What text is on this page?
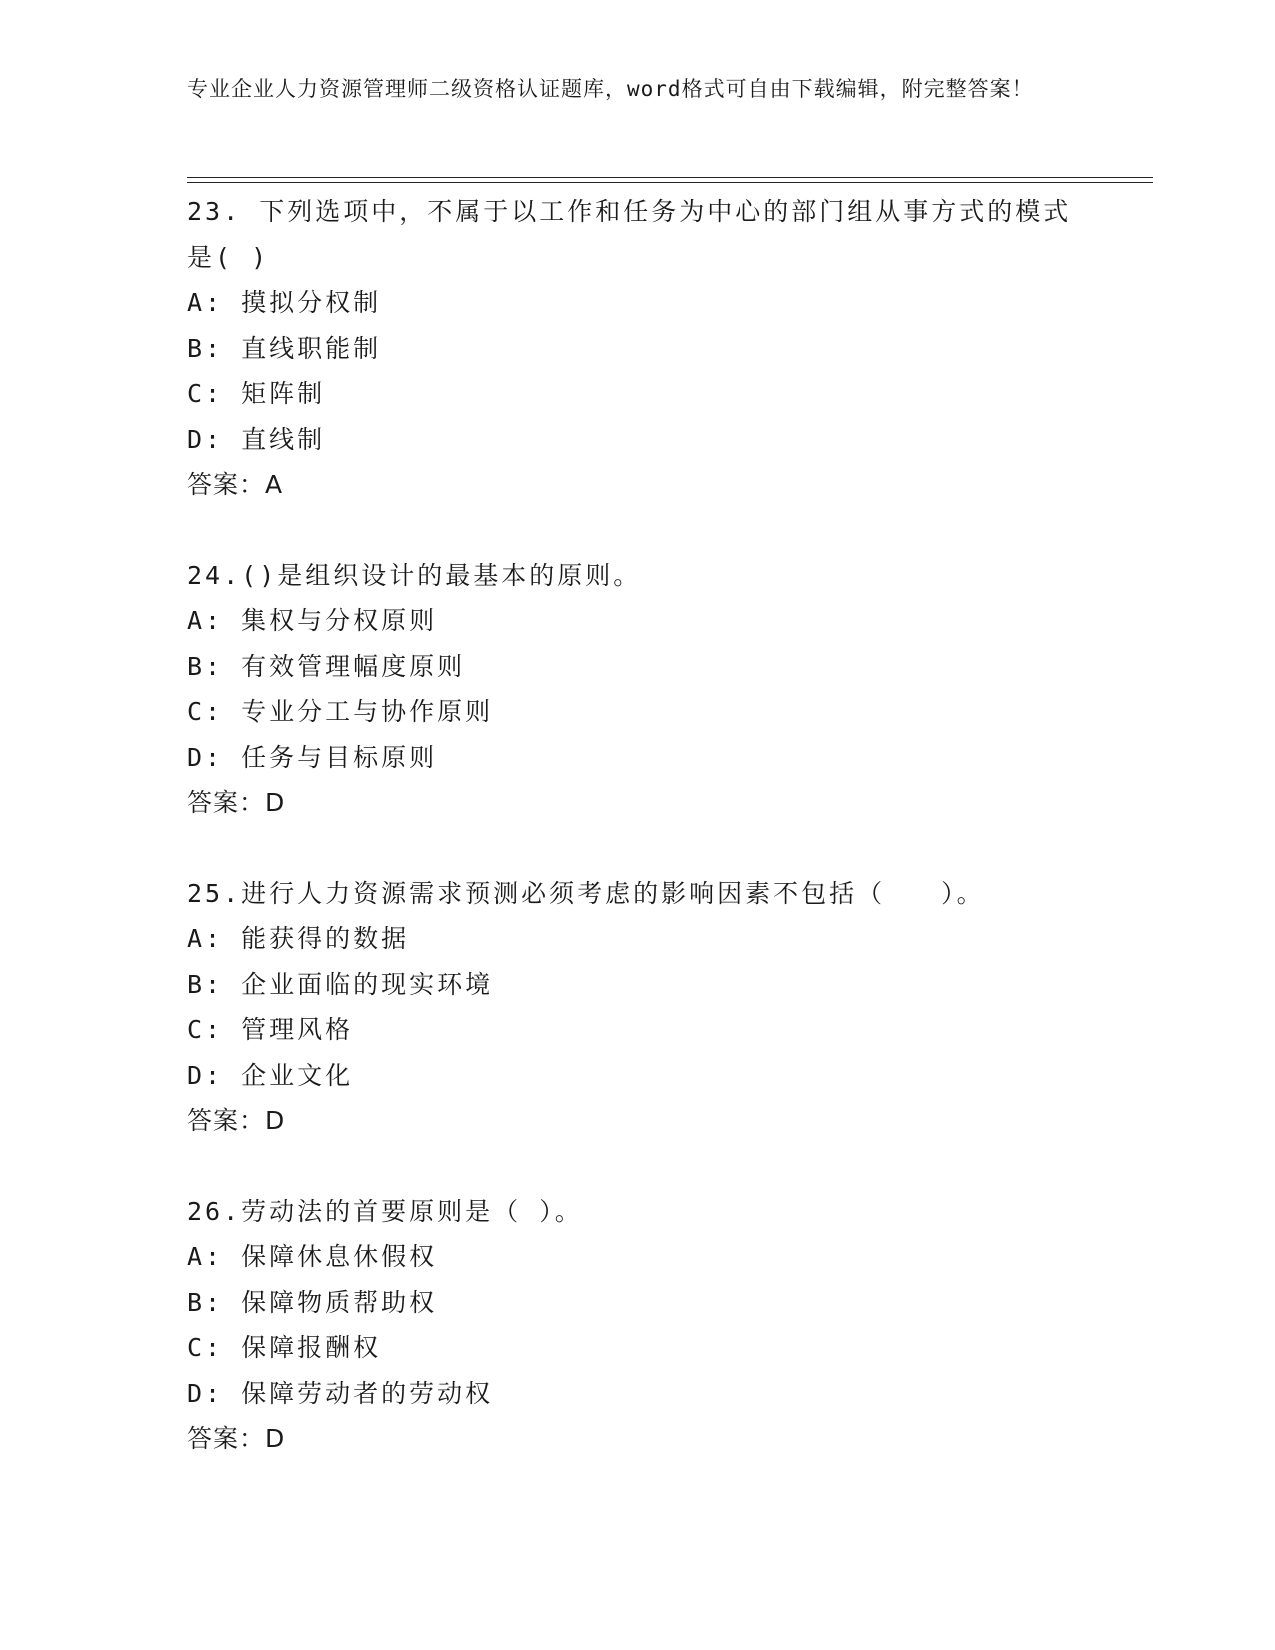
专业企业人力资源管理师二级资格认证题库，word格式可自由下载编辑，附完整答案！

23. 下列选项中，不属于以工作和任务为中心的部门组从事方式的模式是( )

A: 摸拟分权制

B: 直线职能制

C: 矩阵制

D: 直线制

答案：A

24.()是组织设计的最基本的原则。

A: 集权与分权原则

B: 有效管理幅度原则

C: 专业分工与协作原则

D: 任务与目标原则

答案：D

25.进行人力资源需求预测必须考虑的影响因素不包括（　　）。

A: 能获得的数据

B: 企业面临的现实环境

C: 管理风格

D: 企业文化

答案：D

26.劳动法的首要原则是（ ）。

A: 保障休息休假权

B: 保障物质帮助权

C: 保障报酬权

D: 保障劳动者的劳动权

答案：D
